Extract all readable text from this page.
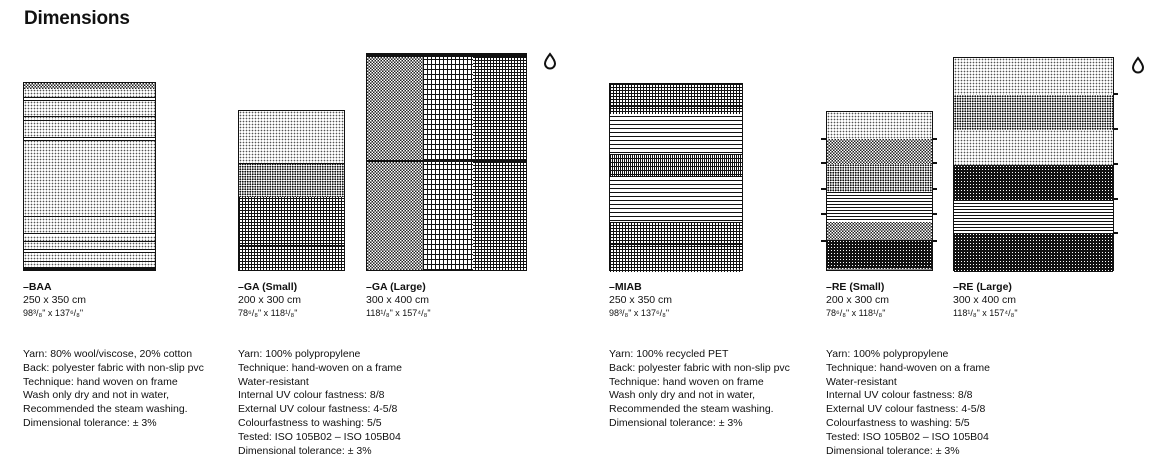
Dimensions
–BAA
250 x 350 cm
98³/₈" x 137⁶/₈"
–GA (Small)
200 x 300 cm
78⁶/₈" x 118¹/₈"
–GA (Large)
300 x 400 cm
118¹/₈" x 157⁴/₈"
–MIAB
250 x 350 cm
98³/₈" x 137⁶/₈"
–RE (Small)
200 x 300 cm
78⁶/₈" x 118¹/₈"
–RE (Large)
300 x 400 cm
118¹/₈" x 157⁴/₈"
Yarn: 80% wool/viscose, 20% cotton
Back: polyester fabric with non-slip pvc
Technique: hand woven on frame
Wash only dry and not in water,
Recommended the steam washing.
Dimensional tolerance: ± 3%
Yarn: 100% polypropylene
Technique: hand-woven on a frame
Water-resistant
Internal UV colour fastness: 8/8
External UV colour fastness: 4-5/8
Colourfastness to washing: 5/5
Tested: ISO 105B02 – ISO 105B04
Dimensional tolerance: ± 3%
Yarn: 100% recycled PET
Back: polyester fabric with non-slip pvc
Technique: hand woven on frame
Wash only dry and not in water,
Recommended the steam washing.
Dimensional tolerance: ± 3%
Yarn: 100% polypropylene
Technique: hand-woven on a frame
Water-resistant
Internal UV colour fastness: 8/8
External UV colour fastness: 4-5/8
Colourfastness to washing: 5/5
Tested: ISO 105B02 – ISO 105B04
Dimensional tolerance: ± 3%
